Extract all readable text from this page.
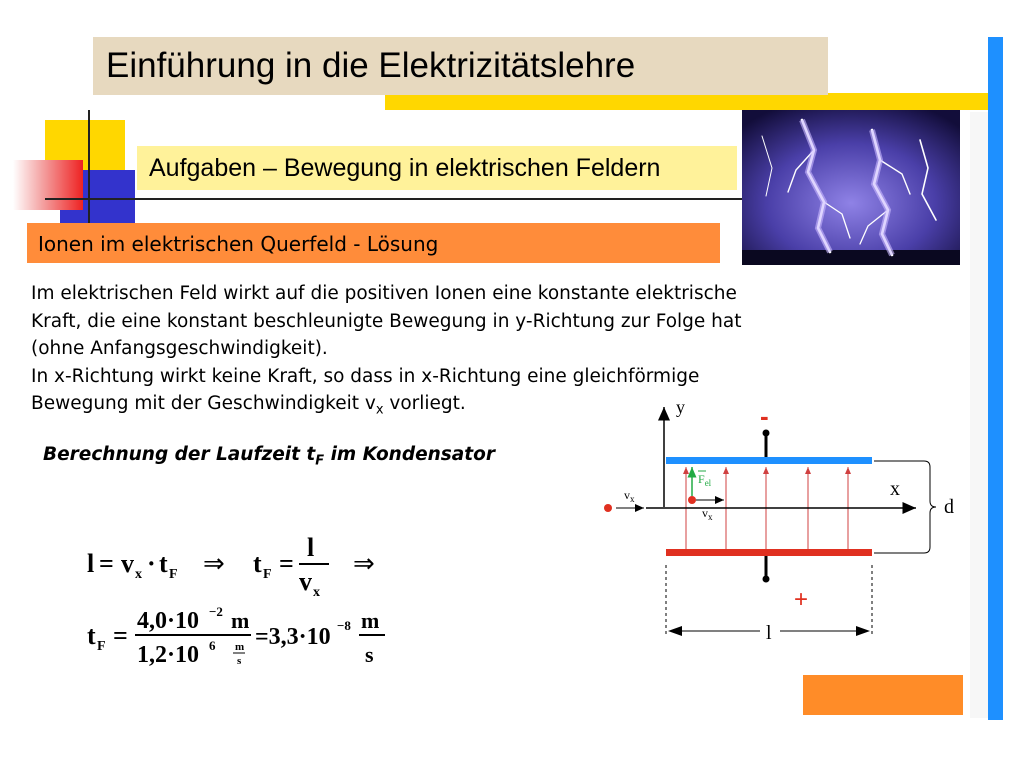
Einführung in die Elektrizitätslehre
Aufgaben – Bewegung in elektrischen Feldern
Ionen im elektrischen Querfeld - Lösung
Im elektrischen Feld wirkt auf die positiven Ionen eine konstante elektrische
Kraft, die eine konstant beschleunigte Bewegung in y-Richtung zur Folge hat
(ohne Anfangsgeschwindigkeit).
In x-Richtung wirkt keine Kraft, so dass in x-Richtung eine gleichförmige
Bewegung mit der Geschwindigkeit $v_x$ vorliegt.
Berechnung der Laufzeit $t_F$ im Kondensator
l = v x · t F ⇒ t F =
l
v x
⇒
t F = 4,0·10 −2
1,2·10 6
m
m
s
=3,3·10 −8 m
s
y	-
+
x
$v_x$
$F_{el}$
$v_x$	d
l
